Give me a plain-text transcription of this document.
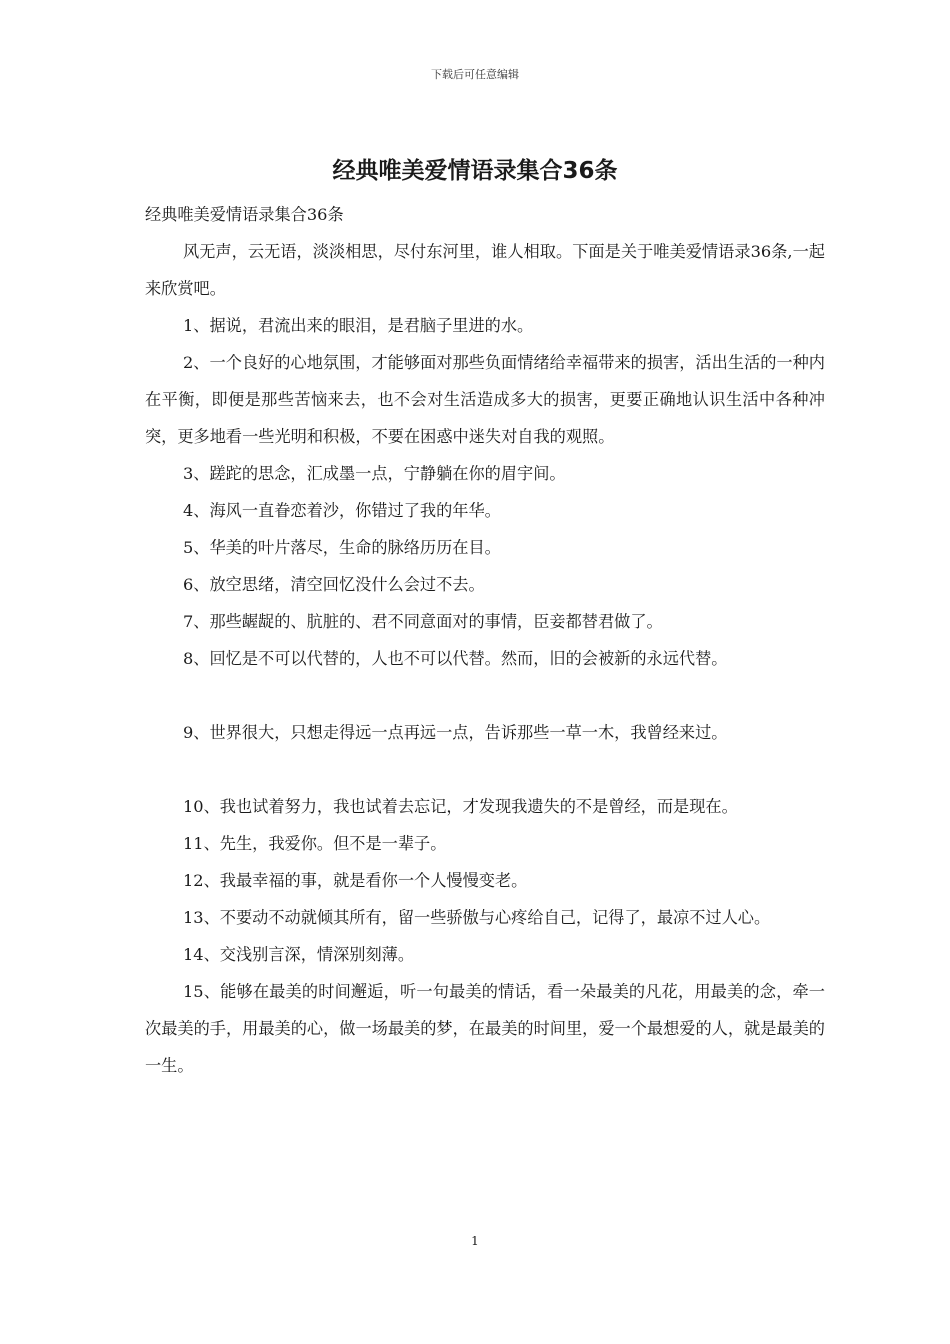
下载后可任意编辑
经典唯美爱情语录集合36条

经典唯美爱情语录集合36条

风无声，云无语，淡淡相思，尽付东河里，谁人相取。下面是关于唯美爱情语录36条,一起来欣赏吧。

1、据说，君流出来的眼泪，是君脑子里进的水。

2、一个良好的心地氛围，才能够面对那些负面情绪给幸福带来的损害，活出生活的一种内在平衡，即便是那些苦恼来去，也不会对生活造成多大的损害，更要正确地认识生活中各种冲突，更多地看一些光明和积极，不要在困惑中迷失对自我的观照。

3、蹉跎的思念，汇成墨一点，宁静躺在你的眉宇间。

4、海风一直眷恋着沙，你错过了我的年华。

5、华美的叶片落尽，生命的脉络历历在目。

6、放空思绪，清空回忆没什么会过不去。

7、那些龌龊的、肮脏的、君不同意面对的事情，臣妾都替君做了。

8、回忆是不可以代替的，人也不可以代替。然而，旧的会被新的永远代替。

9、世界很大，只想走得远一点再远一点，告诉那些一草一木，我曾经来过。

10、我也试着努力，我也试着去忘记，才发现我遗失的不是曾经，而是现在。

11、先生，我爱你。但不是一辈子。

12、我最幸福的事，就是看你一个人慢慢变老。

13、不要动不动就倾其所有，留一些骄傲与心疼给自己，记得了，最凉不过人心。

14、交浅别言深，情深别刻薄。

15、能够在最美的时间邂逅，听一句最美的情话，看一朵最美的凡花，用最美的念，牵一次最美的手，用最美的心，做一场最美的梦，在最美的时间里，爱一个最想爱的人，就是最美的一生。

1
